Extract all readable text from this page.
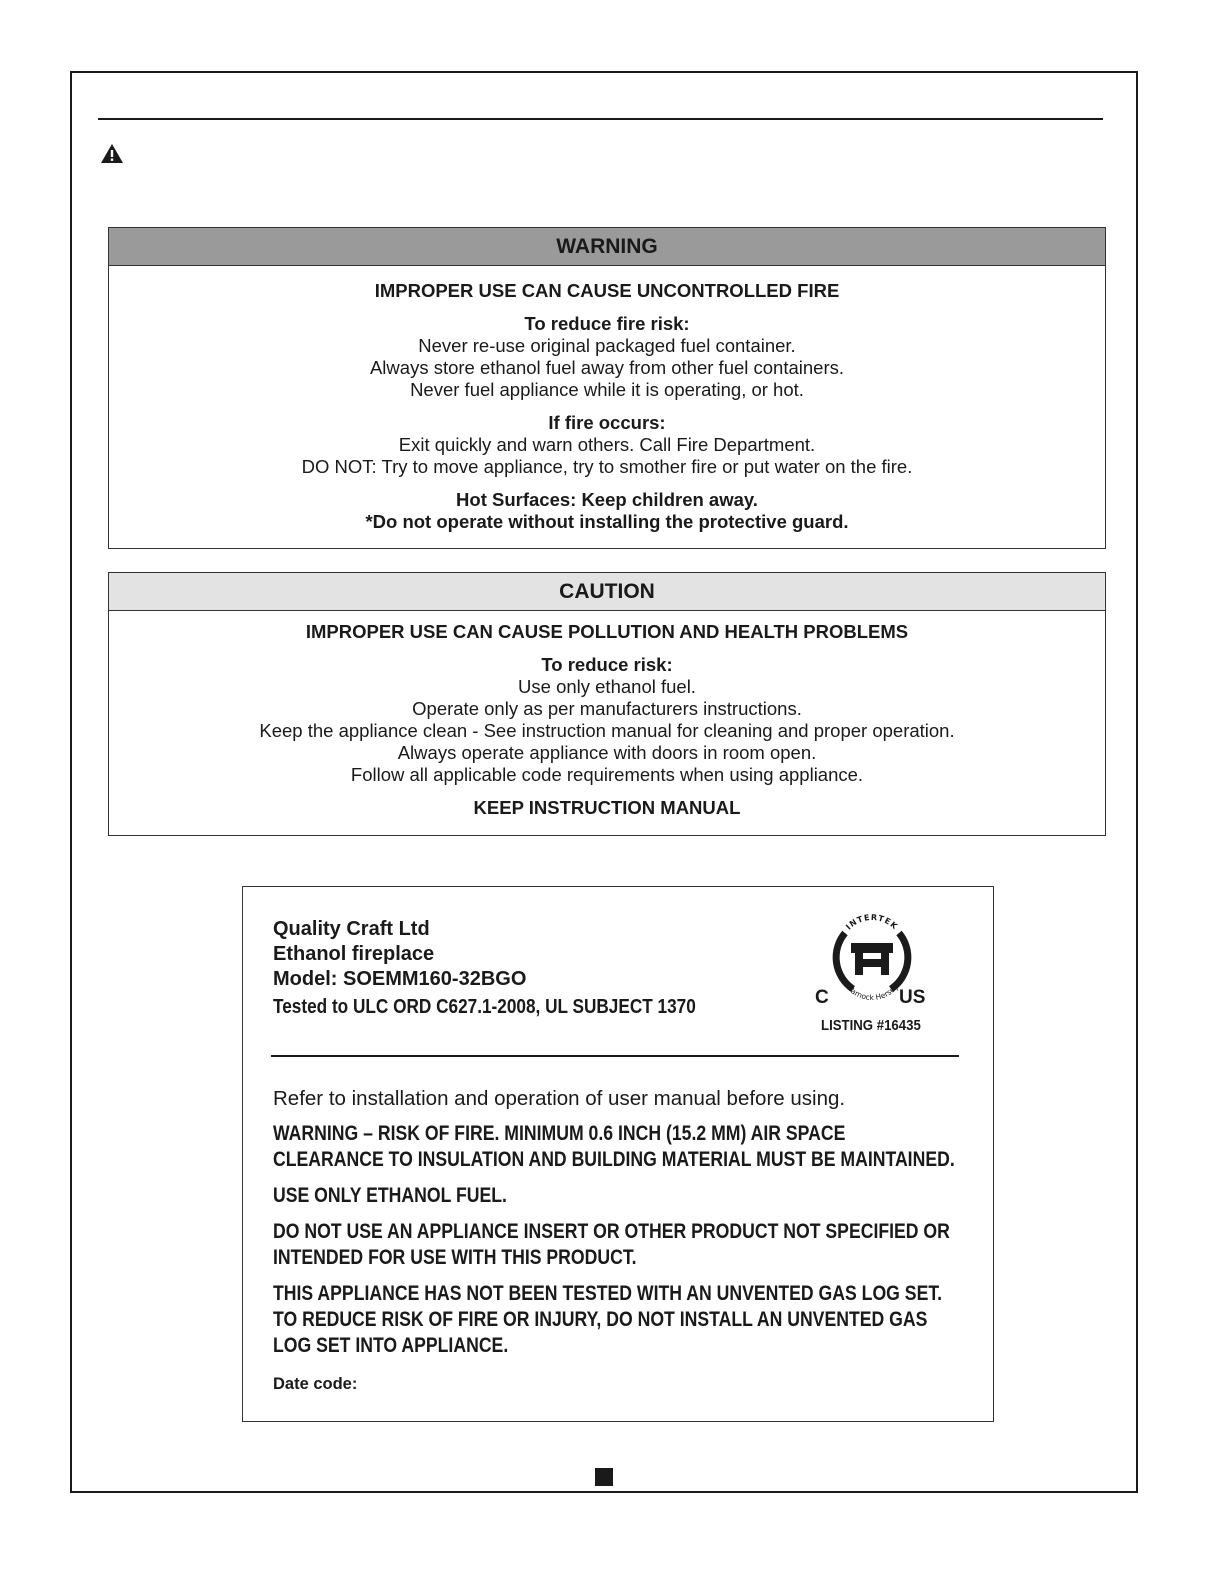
WARNING
IMPROPER USE CAN CAUSE UNCONTROLLED FIRE
To reduce fire risk:
Never re-use original packaged fuel container.
Always store ethanol fuel away from other fuel containers.
Never fuel appliance while it is operating, or hot.
If fire occurs:
Exit quickly and warn others. Call Fire Department.
DO NOT: Try to move appliance, try to smother fire or put water on the fire.
Hot Surfaces: Keep children away.
*Do not operate without installing the protective guard.
CAUTION
IMPROPER USE CAN CAUSE POLLUTION AND HEALTH PROBLEMS
To reduce risk:
Use only ethanol fuel.
Operate only as per manufacturers instructions.
Keep the appliance clean - See instruction manual for cleaning and proper operation.
Always operate appliance with doors in room open.
Follow all applicable code requirements when using appliance.
KEEP INSTRUCTION MANUAL
Quality Craft Ltd
Ethanol fireplace
Model: SOEMM160-32BGO
Tested to ULC ORD C627.1-2008, UL SUBJECT 1370
INTERTEK
Warnock Hersey
C	US
LISTING #16435

Refer to installation and operation of user manual before using.

WARNING – RISK OF FIRE. MINIMUM 0.6 INCH (15.2 MM) AIR SPACE
CLEARANCE TO INSULATION AND BUILDING MATERIAL MUST BE MAINTAINED.
USE ONLY ETHANOL FUEL.
DO NOT USE AN APPLIANCE INSERT OR OTHER PRODUCT NOT SPECIFIED OR
INTENDED FOR USE WITH THIS PRODUCT.
THIS APPLIANCE HAS NOT BEEN TESTED WITH AN UNVENTED GAS LOG SET.
TO REDUCE RISK OF FIRE OR INJURY, DO NOT INSTALL AN UNVENTED GAS
LOG SET INTO APPLIANCE.
Date code:
